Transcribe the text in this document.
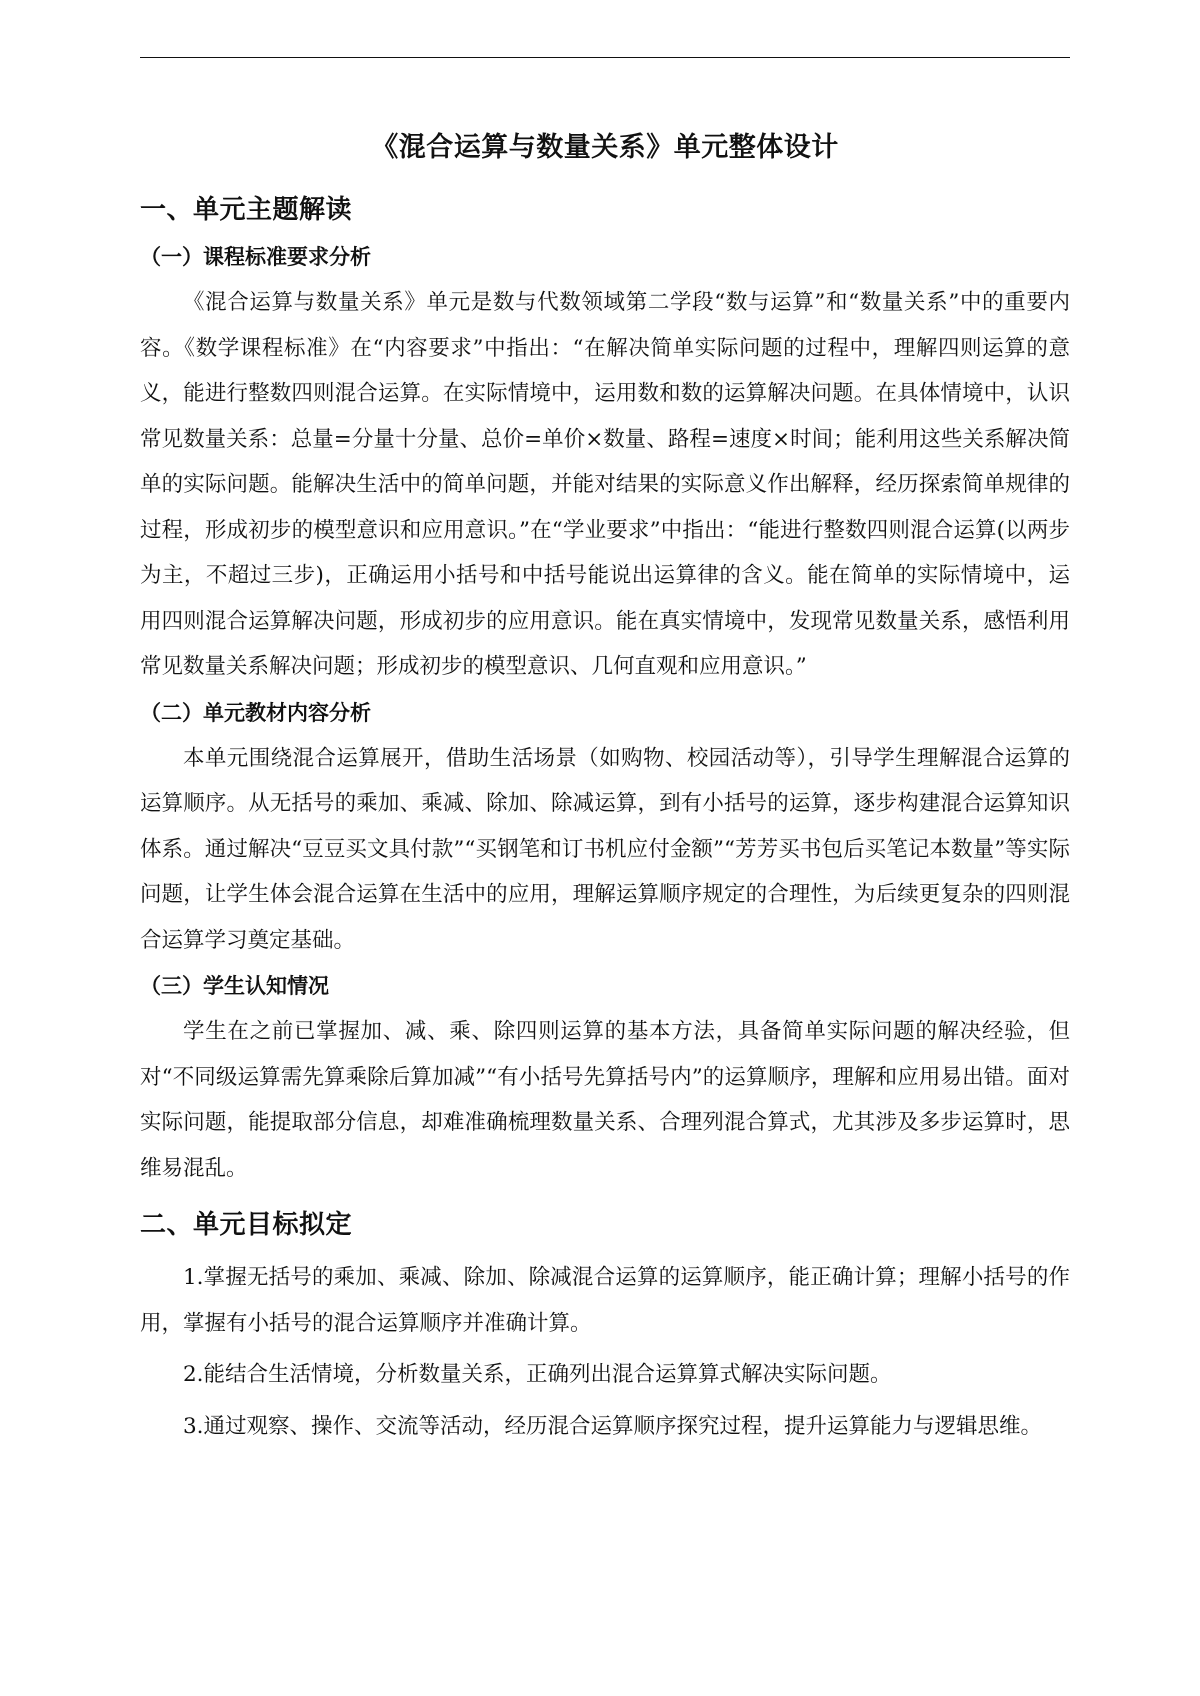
《混合运算与数量关系》单元整体设计
一、单元主题解读
（一）课程标准要求分析

《混合运算与数量关系》单元是数与代数领域第二学段“数与运算”和“数量关系”中的重要内容。《数学课程标准》在“内容要求”中指出：“在解决简单实际问题的过程中，理解四则运算的意义，能进行整数四则混合运算。在实际情境中，运用数和数的运算解决问题。在具体情境中，认识常见数量关系：总量=分量十分量、总价=单价×数量、路程=速度×时间；能利用这些关系解决简单的实际问题。能解决生活中的简单问题，并能对结果的实际意义作出解释，经历探索简单规律的过程，形成初步的模型意识和应用意识。”在“学业要求”中指出：“能进行整数四则混合运算(以两步为主，不超过三步)，正确运用小括号和中括号能说出运算律的含义。能在简单的实际情境中，运用四则混合运算解决问题，形成初步的应用意识。能在真实情境中，发现常见数量关系，感悟利用常见数量关系解决问题；形成初步的模型意识、几何直观和应用意识。”

（二）单元教材内容分析

本单元围绕混合运算展开，借助生活场景（如购物、校园活动等），引导学生理解混合运算的运算顺序。从无括号的乘加、乘减、除加、除减运算，到有小括号的运算，逐步构建混合运算知识体系。通过解决“豆豆买文具付款”“买钢笔和订书机应付金额”“芳芳买书包后买笔记本数量”等实际问题，让学生体会混合运算在生活中的应用，理解运算顺序规定的合理性，为后续更复杂的四则混合运算学习奠定基础。

（三）学生认知情况

学生在之前已掌握加、减、乘、除四则运算的基本方法，具备简单实际问题的解决经验，但对“不同级运算需先算乘除后算加减”“有小括号先算括号内”的运算顺序，理解和应用易出错。面对实际问题，能提取部分信息，却难准确梳理数量关系、合理列混合算式，尤其涉及多步运算时，思维易混乱。

二、单元目标拟定

1.掌握无括号的乘加、乘减、除加、除减混合运算的运算顺序，能正确计算；理解小括号的作用，掌握有小括号的混合运算顺序并准确计算。

2.能结合生活情境，分析数量关系，正确列出混合运算算式解决实际问题。

3.通过观察、操作、交流等活动，经历混合运算顺序探究过程，提升运算能力与逻辑思维。
